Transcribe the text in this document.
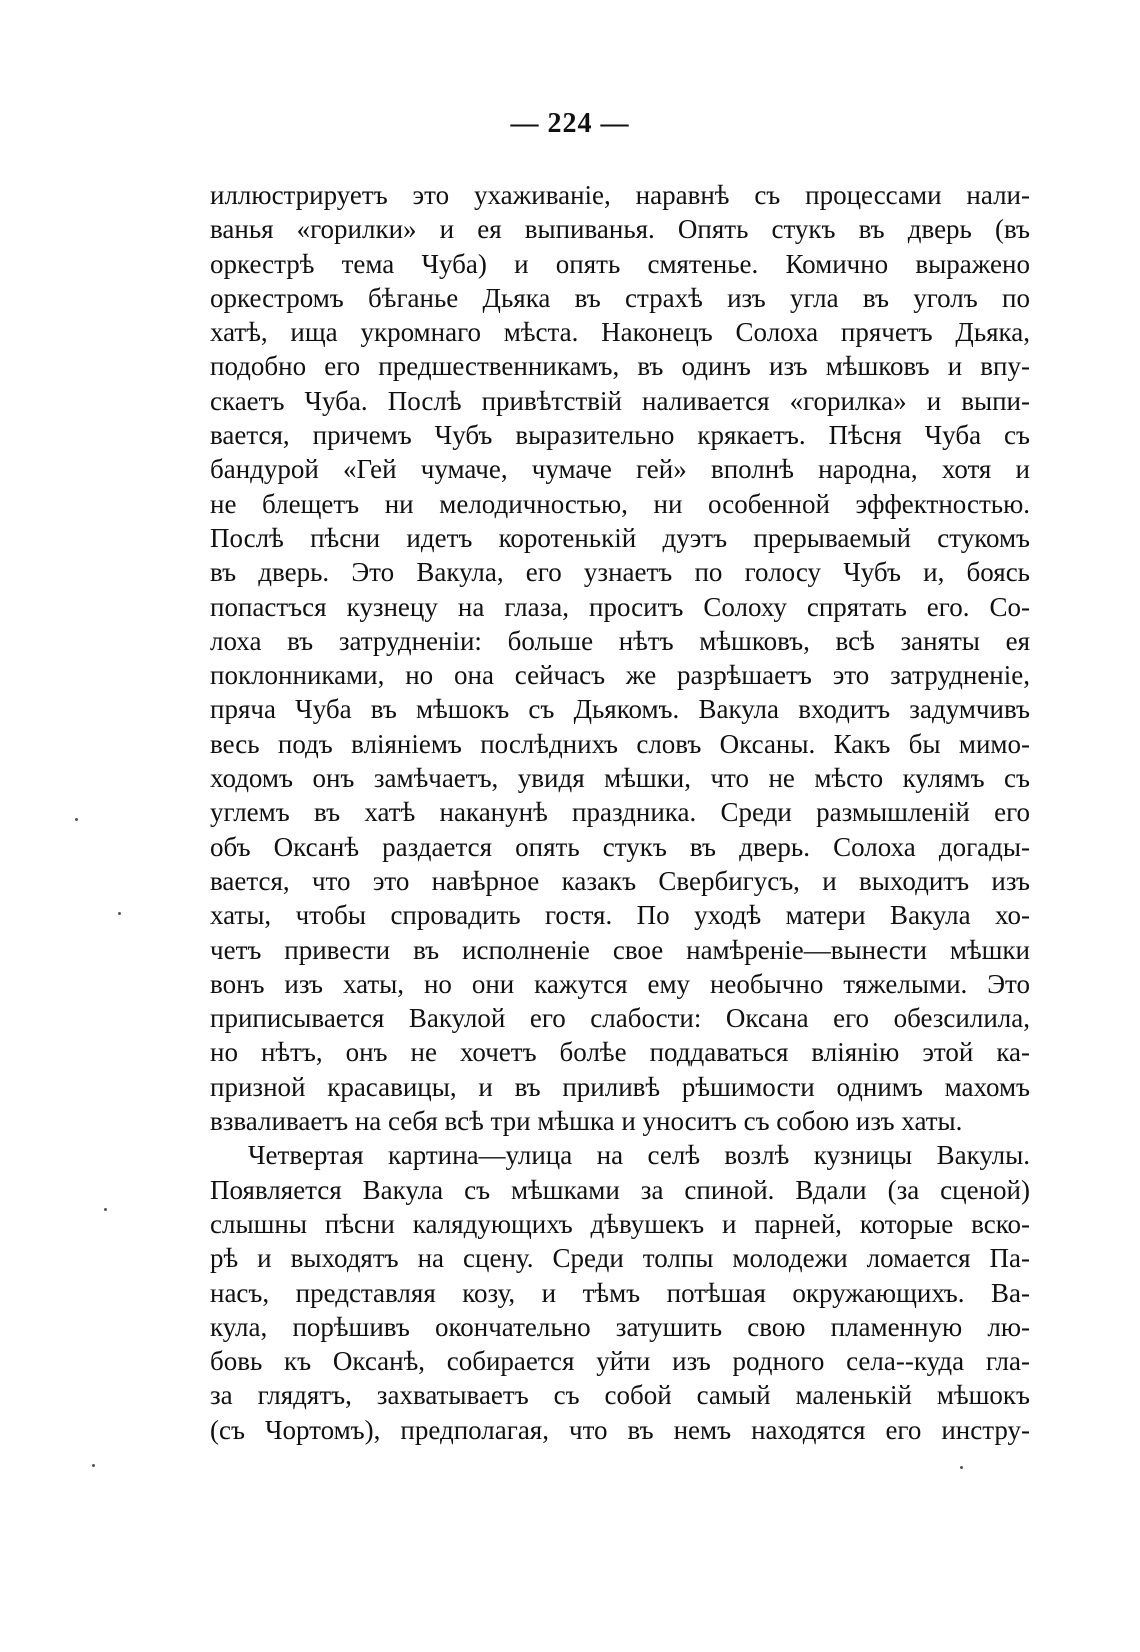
— 224 —
иллюстрируетъ это ухаживаніе, наравнѣ съ процессами нали-
ванья «горилки» и ея выпиванья. Опять стукъ въ дверь (въ
оркестрѣ тема Чуба) и опять смятенье. Комично выражено
оркестромъ бѣганье Дьяка въ страхѣ изъ угла въ уголъ по
хатѣ, ища укромнаго мѣста. Наконецъ Солоха прячетъ Дьяка,
подобно его предшественникамъ, въ одинъ изъ мѣшковъ и впу-
скаетъ Чуба. Послѣ привѣтствій наливается «горилка» и выпи-
вается, причемъ Чубъ выразительно крякаетъ. Пѣсня Чуба съ
бандурой «Гей чумаче, чумаче гей» вполнѣ народна, хотя и
не блещетъ ни мелодичностью, ни особенной эффектностью.
Послѣ пѣсни идетъ коротенькій дуэтъ прерываемый стукомъ
въ дверь. Это Вакула, его узнаетъ по голосу Чубъ и, боясь
попастъся кузнецу на глаза, проситъ Солоху спрятать его. Со-
лоха въ затрудненіи: больше нѣтъ мѣшковъ, всѣ заняты ея
поклонниками, но она сейчасъ же разрѣшаетъ это затрудненіе,
пряча Чуба въ мѣшокъ съ Дьякомъ. Вакула входитъ задумчивъ
весь подъ вліяніемъ послѣднихъ словъ Оксаны. Какъ бы мимо-
ходомъ онъ замѣчаетъ, увидя мѣшки, что не мѣсто кулямъ съ
углемъ въ хатѣ наканунѣ праздника. Среди размышленій его
объ Оксанѣ раздается опять стукъ въ дверь. Солоха догады-
вается, что это навѣрное казакъ Свербигусъ, и выходитъ изъ
хаты, чтобы спровадить гостя. По уходѣ матери Вакула хо-
четъ привести въ исполненіе свое намѣреніе—вынести мѣшки
вонъ изъ хаты, но они кажутся ему необычно тяжелыми. Это
приписывается Вакулой его слабости: Оксана его обезсилила,
но нѣтъ, онъ не хочетъ болѣе поддаваться вліянію этой ка-
призной красавицы, и въ приливѣ рѣшимости однимъ махомъ
взваливаетъ на себя всѣ три мѣшка и уноситъ съ собою изъ хаты.
Четвертая картина—улица на селѣ возлѣ кузницы Вакулы.
Появляется Вакула съ мѣшками за спиной. Вдали (за сценой)
слышны пѣсни калядующихъ дѣвушекъ и парней, которые вско-
рѣ и выходятъ на сцену. Среди толпы молодежи ломается Па-
насъ, представляя козу, и тѣмъ потѣшая окружающихъ. Ва-
кула, порѣшивъ окончательно затушить свою пламенную лю-
бовь къ Оксанѣ, собирается уйти изъ родного села--куда гла-
за глядятъ, захватываетъ съ собой самый маленькій мѣшокъ
(съ Чортомъ), предполагая, что въ немъ находятся его инстру-
